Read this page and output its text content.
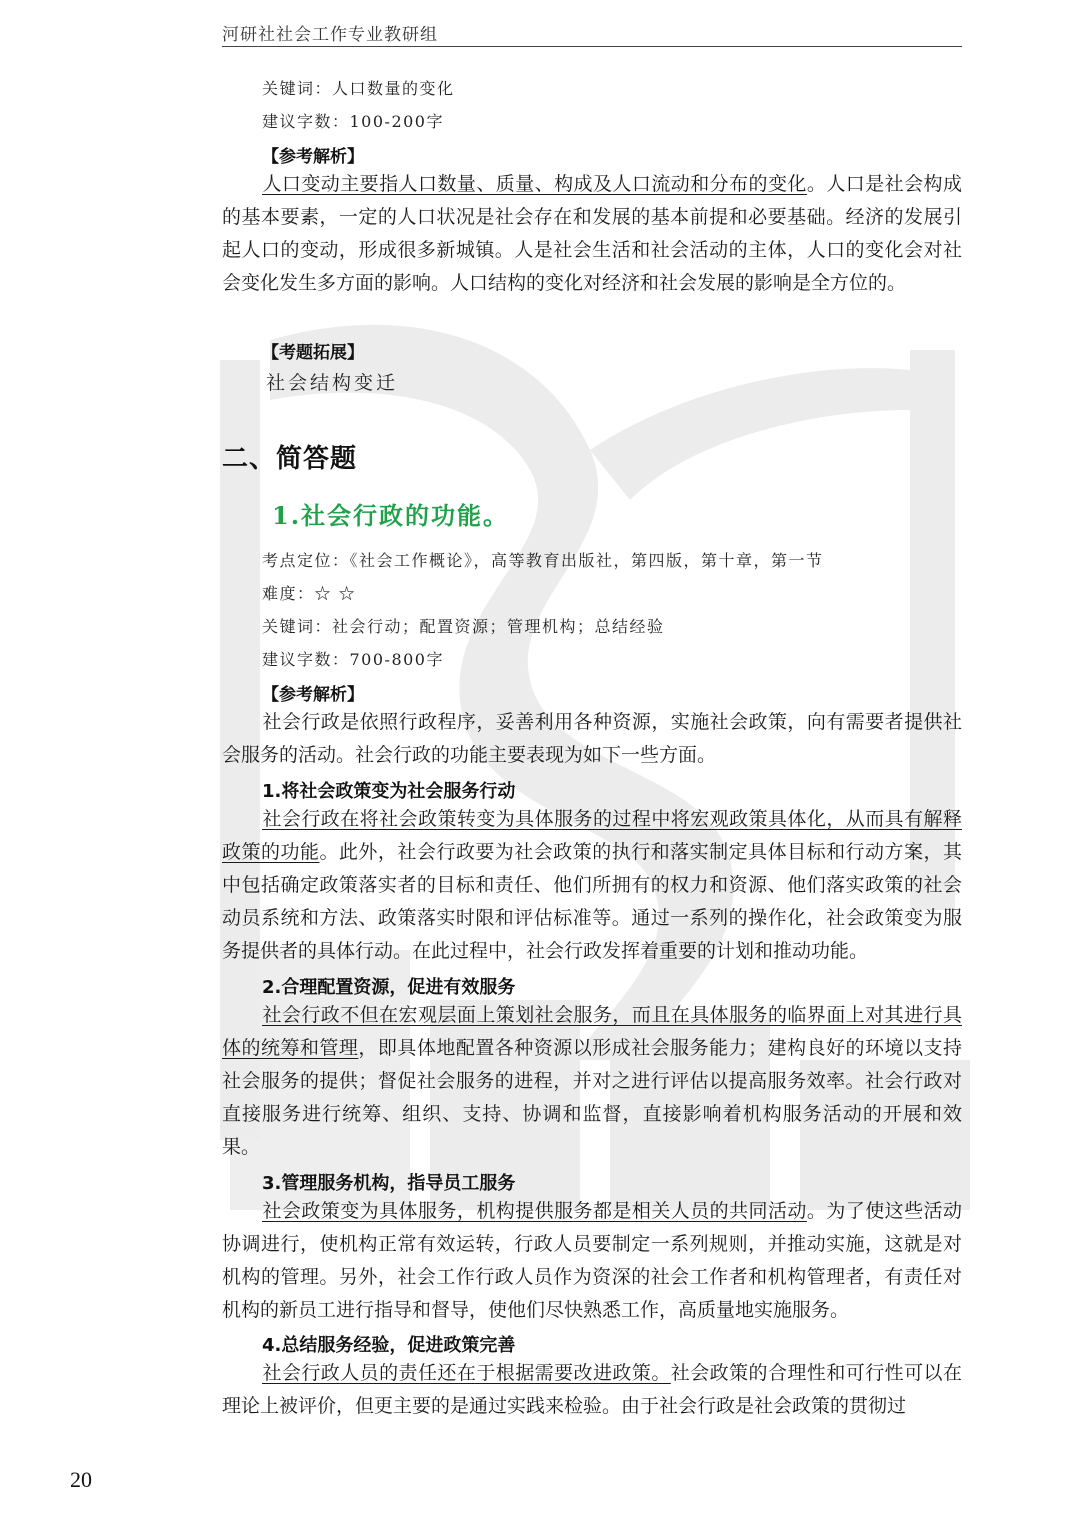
河研社社会工作专业教研组
关键词：人口数量的变化
建议字数：100-200字
【参考解析】
人口变动主要指人口数量、质量、构成及人口流动和分布的变化。人口是社会构成的基本要素，一定的人口状况是社会存在和发展的基本前提和必要基础。经济的发展引起人口的变动，形成很多新城镇。人是社会生活和社会活动的主体，人口的变化会对社会变化发生多方面的影响。人口结构的变化对经济和社会发展的影响是全方位的。
【考题拓展】
社会结构变迁
二、简答题
1.社会行政的功能。
考点定位：《社会工作概论》，高等教育出版社，第四版，第十章，第一节
难度：☆ ☆
关键词：社会行动；配置资源；管理机构；总结经验
建议字数：700-800字
【参考解析】
社会行政是依照行政程序，妥善利用各种资源，实施社会政策，向有需要者提供社会服务的活动。社会行政的功能主要表现为如下一些方面。
1.将社会政策变为社会服务行动
社会行政在将社会政策转变为具体服务的过程中将宏观政策具体化，从而具有解释政策的功能。此外，社会行政要为社会政策的执行和落实制定具体目标和行动方案，其中包括确定政策落实者的目标和责任、他们所拥有的权力和资源、他们落实政策的社会动员系统和方法、政策落实时限和评估标准等。通过一系列的操作化，社会政策变为服务提供者的具体行动。在此过程中，社会行政发挥着重要的计划和推动功能。
2.合理配置资源，促进有效服务
社会行政不但在宏观层面上策划社会服务，而且在具体服务的临界面上对其进行具体的统筹和管理，即具体地配置各种资源以形成社会服务能力；建构良好的环境以支持社会服务的提供；督促社会服务的进程，并对之进行评估以提高服务效率。社会行政对直接服务进行统筹、组织、支持、协调和监督，直接影响着机构服务活动的开展和效果。
3.管理服务机构，指导员工服务
社会政策变为具体服务，机构提供服务都是相关人员的共同活动。为了使这些活动协调进行，使机构正常有效运转，行政人员要制定一系列规则，并推动实施，这就是对机构的管理。另外，社会工作行政人员作为资深的社会工作者和机构管理者，有责任对机构的新员工进行指导和督导，使他们尽快熟悉工作，高质量地实施服务。
4.总结服务经验，促进政策完善
社会行政人员的责任还在于根据需要改进政策。社会政策的合理性和可行性可以在理论上被评价，但更主要的是通过实践来检验。由于社会行政是社会政策的贯彻过
20
